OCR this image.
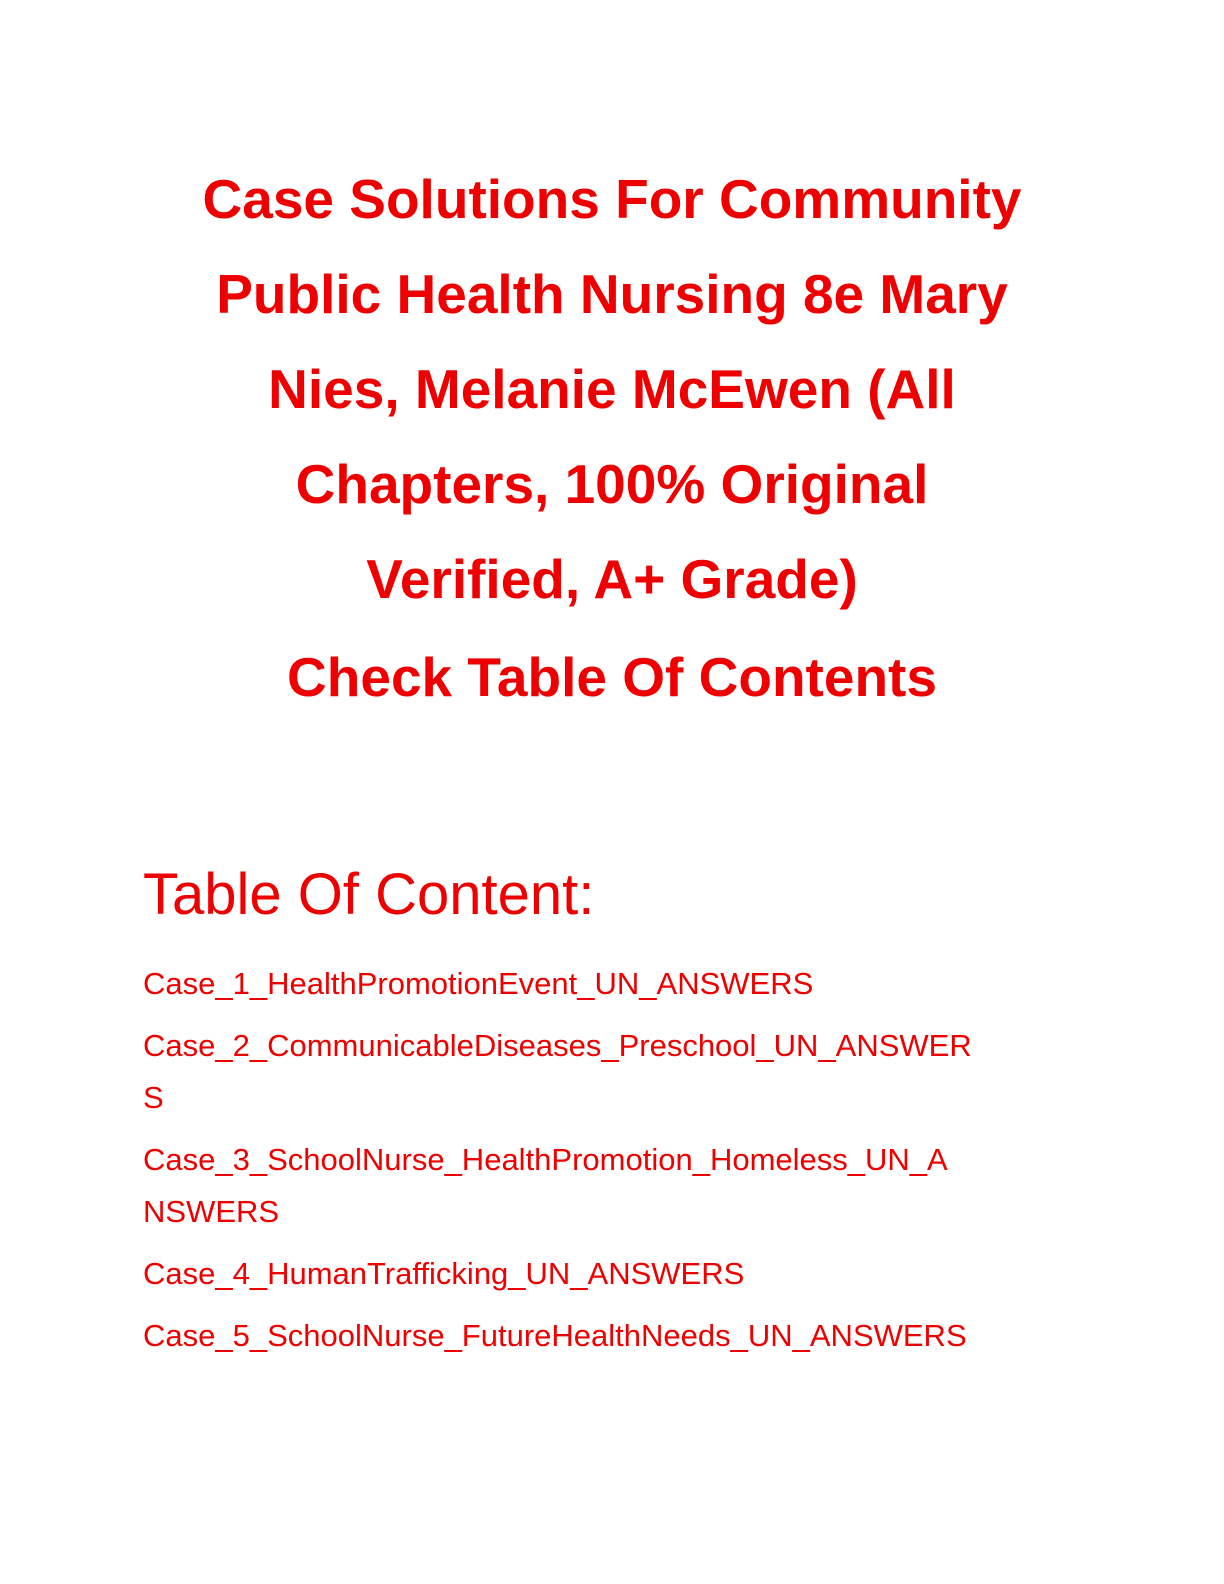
Case Solutions For Community
Public Health Nursing 8e Mary
Nies, Melanie McEwen (All
Chapters, 100% Original
Verified, A+ Grade)
Check Table Of Contents
Table Of Content:
Case_1_HealthPromotionEvent_UN_ANSWERS
Case_2_CommunicableDiseases_Preschool_UN_ANSWER
S
Case_3_SchoolNurse_HealthPromotion_Homeless_UN_A
NSWERS
Case_4_HumanTrafficking_UN_ANSWERS
Case_5_SchoolNurse_FutureHealthNeeds_UN_ANSWERS
